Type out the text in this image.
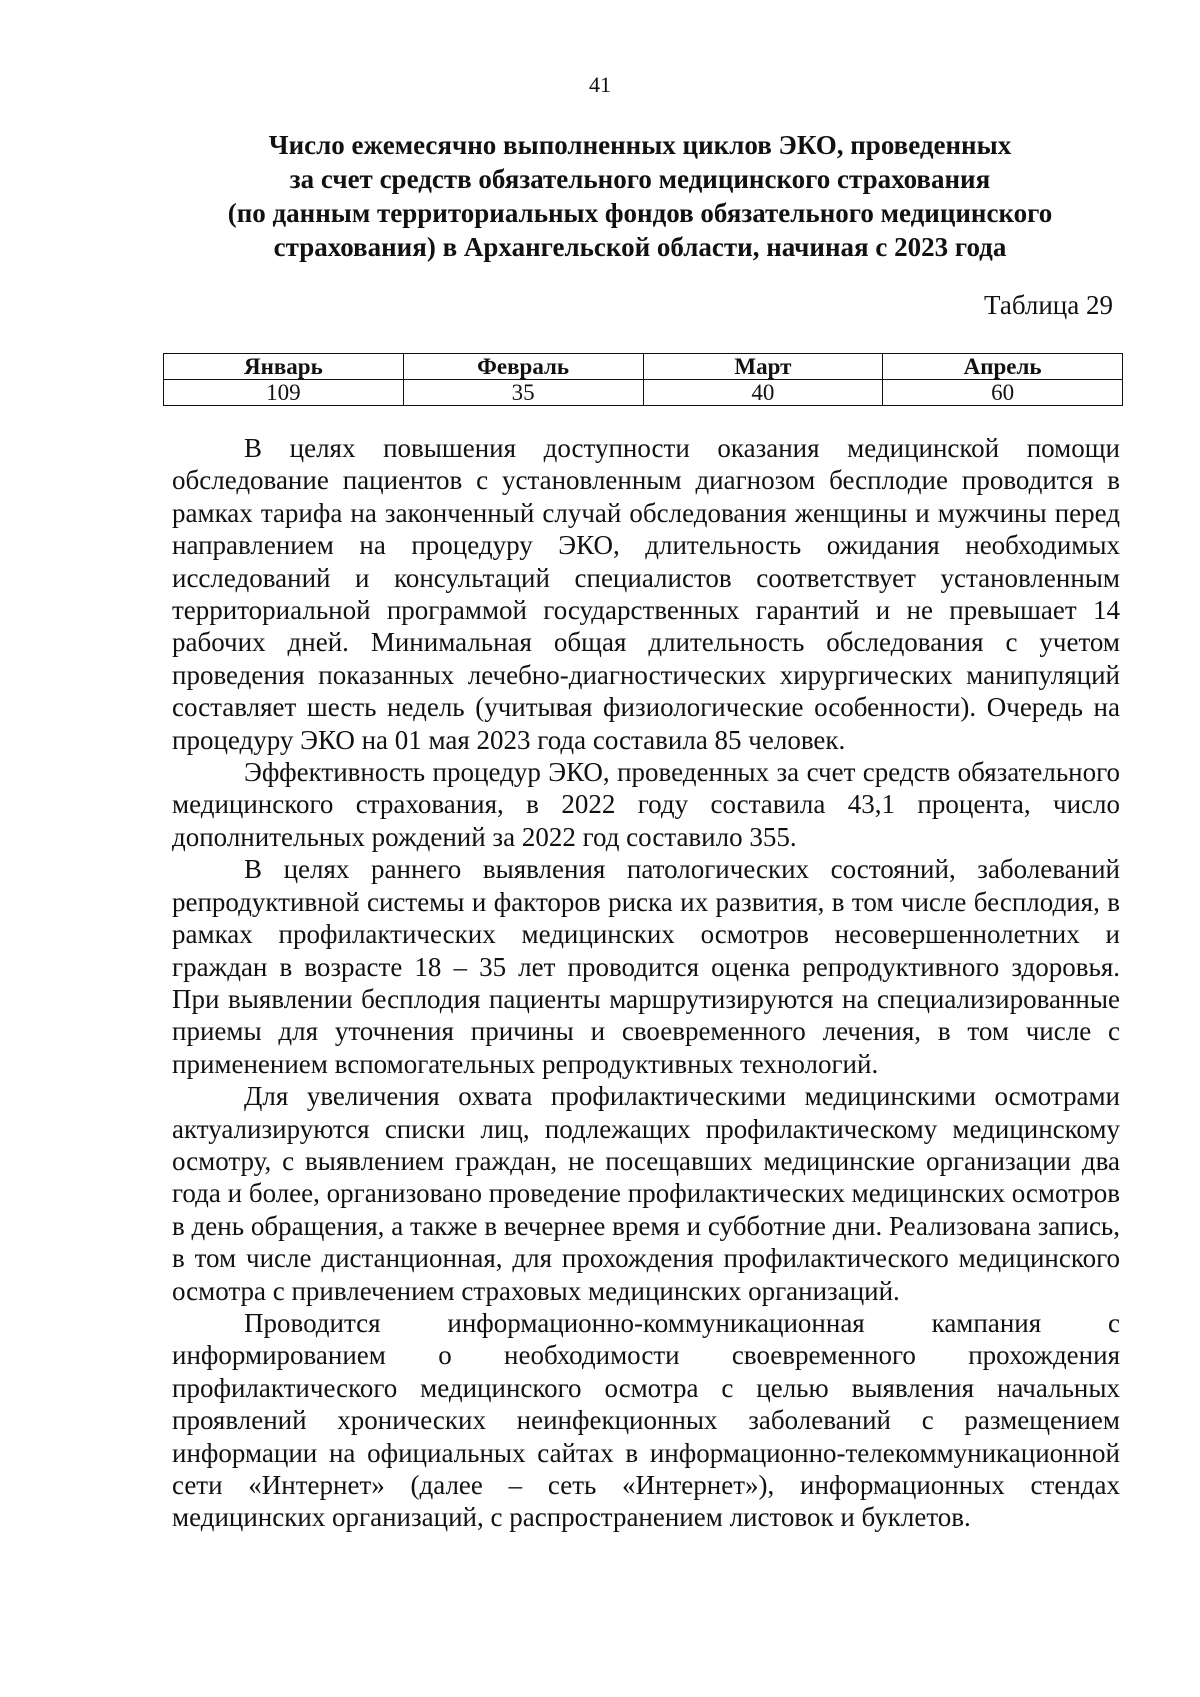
41
Число ежемесячно выполненных циклов ЭКО, проведенных
за счет средств обязательного медицинского страхования
(по данным территориальных фондов обязательного медицинского
страхования) в Архангельской области, начиная с 2023 года
Таблица 29
Январь	Февраль	Март	Апрель
109	35	40	60

В целях повышения доступности оказания медицинской помощи обследование пациентов с установленным диагнозом бесплодие проводится в рамках тарифа на законченный случай обследования женщины и мужчины перед направлением на процедуру ЭКО, длительность ожидания необходимых исследований и консультаций специалистов соответствует установленным территориальной программой государственных гарантий и не превышает 14 рабочих дней. Минимальная общая длительность обследования с учетом проведения показанных лечебно-диагностических хирургических манипуляций составляет шесть недель (учитывая физиологические особенности). Очередь на процедуру ЭКО на 01 мая 2023 года составила 85 человек.

Эффективность процедур ЭКО, проведенных за счет средств обязательного медицинского страхования, в 2022 году составила 43,1 процента, число дополнительных рождений за 2022 год составило 355.

В целях раннего выявления патологических состояний, заболеваний репродуктивной системы и факторов риска их развития, в том числе бесплодия, в рамках профилактических медицинских осмотров несовершеннолетних и граждан в возрасте 18 – 35 лет проводится оценка репродуктивного здоровья. При выявлении бесплодия пациенты маршрутизируются на специализированные приемы для уточнения причины и своевременного лечения, в том числе с применением вспомогательных репродуктивных технологий.

Для увеличения охвата профилактическими медицинскими осмотрами актуализируются списки лиц, подлежащих профилактическому медицинскому осмотру, с выявлением граждан, не посещавших медицинские организации два года и более, организовано проведение профилактических медицинских осмотров в день обращения, а также в вечернее время и субботние дни. Реализована запись, в том числе дистанционная, для прохождения профилактического медицинского осмотра с привлечением страховых медицинских организаций.

Проводится информационно-коммуникационная кампания с информированием о необходимости своевременного прохождения профилактического медицинского осмотра с целью выявления начальных проявлений хронических неинфекционных заболеваний с размещением информации на официальных сайтах в информационно-телекоммуникационной сети «Интернет» (далее – сеть «Интернет»), информационных стендах медицинских организаций, с распространением листовок и буклетов.
